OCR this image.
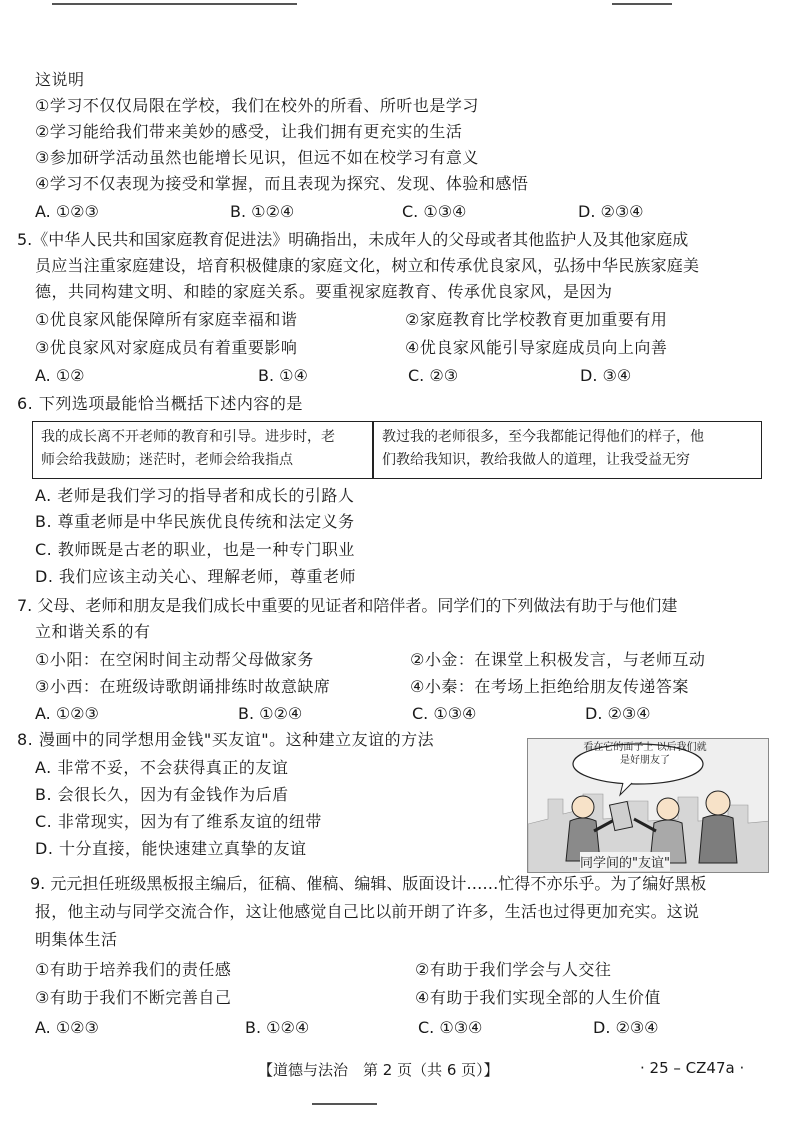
这说明
①学习不仅仅局限在学校，我们在校外的所看、所听也是学习
②学习能给我们带来美妙的感受，让我们拥有更充实的生活
③参加研学活动虽然也能增长见识，但远不如在校学习有意义
④学习不仅表现为接受和掌握，而且表现为探究、发现、体验和感悟
A. ①②③	B. ①②④	C. ①③④	D. ②③④
5.《中华人民共和国家庭教育促进法》明确指出，未成年人的父母或者其他监护人及其他家庭成
员应当注重家庭建设，培育积极健康的家庭文化，树立和传承优良家风，弘扬中华民族家庭美
德，共同构建文明、和睦的家庭关系。要重视家庭教育、传承优良家风，是因为
①优良家风能保障所有家庭幸福和谐	②家庭教育比学校教育更加重要有用
③优良家风对家庭成员有着重要影响	④优良家风能引导家庭成员向上向善
A. ①②	B. ①④	C. ②③	D. ③④
6. 下列选项最能恰当概括下述内容的是
我的成长离不开老师的教育和引导。进步时，老
师会给我鼓励；迷茫时，老师会给我指点
教过我的老师很多，至今我都能记得他们的样子，他
们教给我知识，教给我做人的道理，让我受益无穷
A. 老师是我们学习的指导者和成长的引路人
B. 尊重老师是中华民族优良传统和法定义务
C. 教师既是古老的职业，也是一种专门职业
D. 我们应该主动关心、理解老师，尊重老师
7. 父母、老师和朋友是我们成长中重要的见证者和陪伴者。同学们的下列做法有助于与他们建
立和谐关系的有
①小阳：在空闲时间主动帮父母做家务	②小金：在课堂上积极发言，与老师互动
③小西：在班级诗歌朗诵排练时故意缺席	④小秦：在考场上拒绝给朋友传递答案
A. ①②③	B. ①②④	C. ①③④	D. ②③④
8. 漫画中的同学想用金钱"买友谊"。这种建立友谊的方法
A. 非常不妥，不会获得真正的友谊
B. 会很长久，因为有金钱作为后盾
C. 非常现实，因为有了维系友谊的纽带
D. 十分直接，能快速建立真挚的友谊
看在它的面子上 以后我们就是好朋友了
同学间的"友谊"
9. 元元担任班级黑板报主编后，征稿、催稿、编辑、版面设计……忙得不亦乐乎。为了编好黑板
报，他主动与同学交流合作，这让他感觉自己比以前开朗了许多，生活也过得更加充实。这说
明集体生活
①有助于培养我们的责任感	②有助于我们学会与人交往
③有助于我们不断完善自己	④有助于我们实现全部的人生价值
A. ①②③	B. ①②④	C. ①③④	D. ②③④
【道德与法治　第 2 页（共 6 页）】	· 25 – CZ47a ·
